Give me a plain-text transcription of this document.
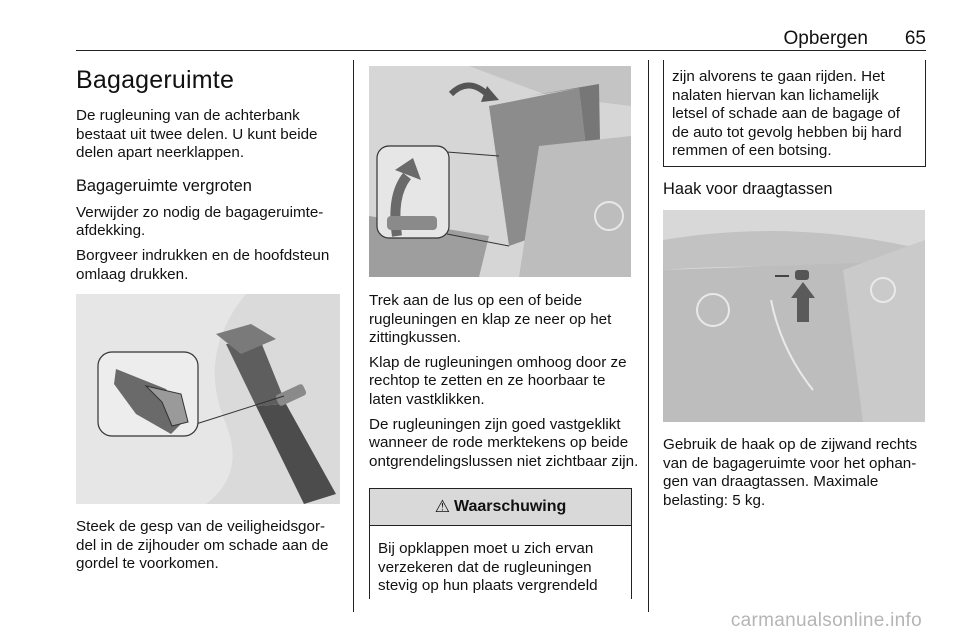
Opbergen 65
Bagageruimte

De rugleuning van de achterbank bestaat uit twee delen. U kunt beide delen apart neerklappen.

Bagageruimte vergroten

Verwijder zo nodig de bagageruimte-afdekking.

Borgveer indrukken en de hoofdsteun omlaag drukken.

Steek de gesp van de veiligheidsgor-del in de zijhouder om schade aan de gordel te voorkomen.

Trek aan de lus op een of beide rugleuningen en klap ze neer op het zittingkussen.

Klap de rugleuningen omhoog door ze rechtop te zetten en ze hoorbaar te laten vastklikken.

De rugleuningen zijn goed vastgeklikt wanneer de rode merktekens op beide ontgrendelingslussen niet zichtbaar zijn.

⚠ Waarschuwing

Bij opklappen moet u zich ervan verzekeren dat de rugleuningen stevig op hun plaats vergrendeld

zijn alvorens te gaan rijden. Het nalaten hiervan kan lichamelijk letsel of schade aan de bagage of de auto tot gevolg hebben bij hard remmen of een botsing.

Haak voor draagtassen

Gebruik de haak op de zijwand rechts van de bagageruimte voor het ophan-gen van draagtassen. Maximale belasting: 5 kg.

carmanualsonline.info
